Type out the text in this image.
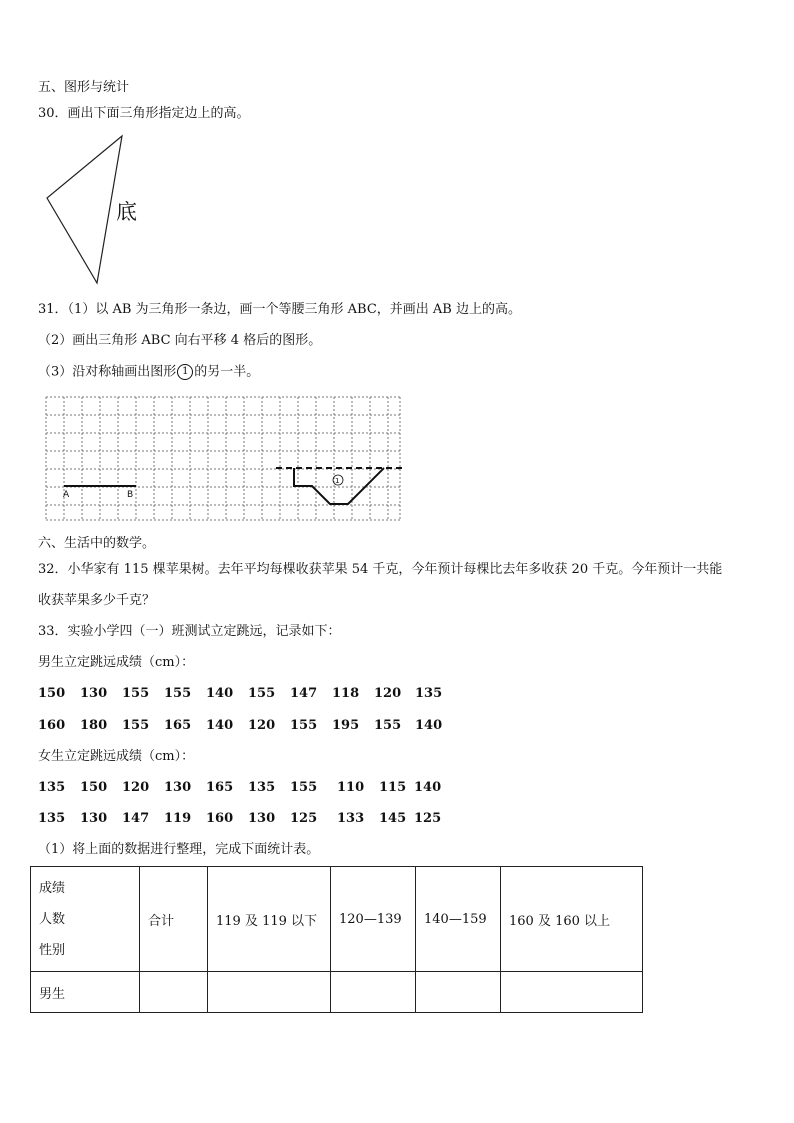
五、图形与统计
30．画出下面三角形指定边上的高。
底
31．（1）以 AB 为三角形一条边，画一个等腰三角形 ABC，并画出 AB 边上的高。
（2）画出三角形 ABC 向右平移 4 格后的图形。
（3）沿对称轴画出图形 1 的另一半。
A	B
1
六、生活中的数学。
32．小华家有 115 棵苹果树。去年平均每棵收获苹果 54 千克，今年预计每棵比去年多收获 20 千克。今年预计一共能
收获苹果多少千克？
33．实验小学四（一）班测试立定跳远，记录如下：
男生立定跳远成绩（cm）：
150 130 155 155 140 155 147 118 120 135
160 180 155 165 140 120 155 195 155 140
女生立定跳远成绩（cm）：
135 150 120 130 165 135 155 110 115 140
135 130 147 119 160 130 125 133 145 125
（1）将上面的数据进行整理，完成下面统计表。
成绩
人数
性别	合计	119 及 119 以下	120—139	140—159	160 及 160 以上
男生					
